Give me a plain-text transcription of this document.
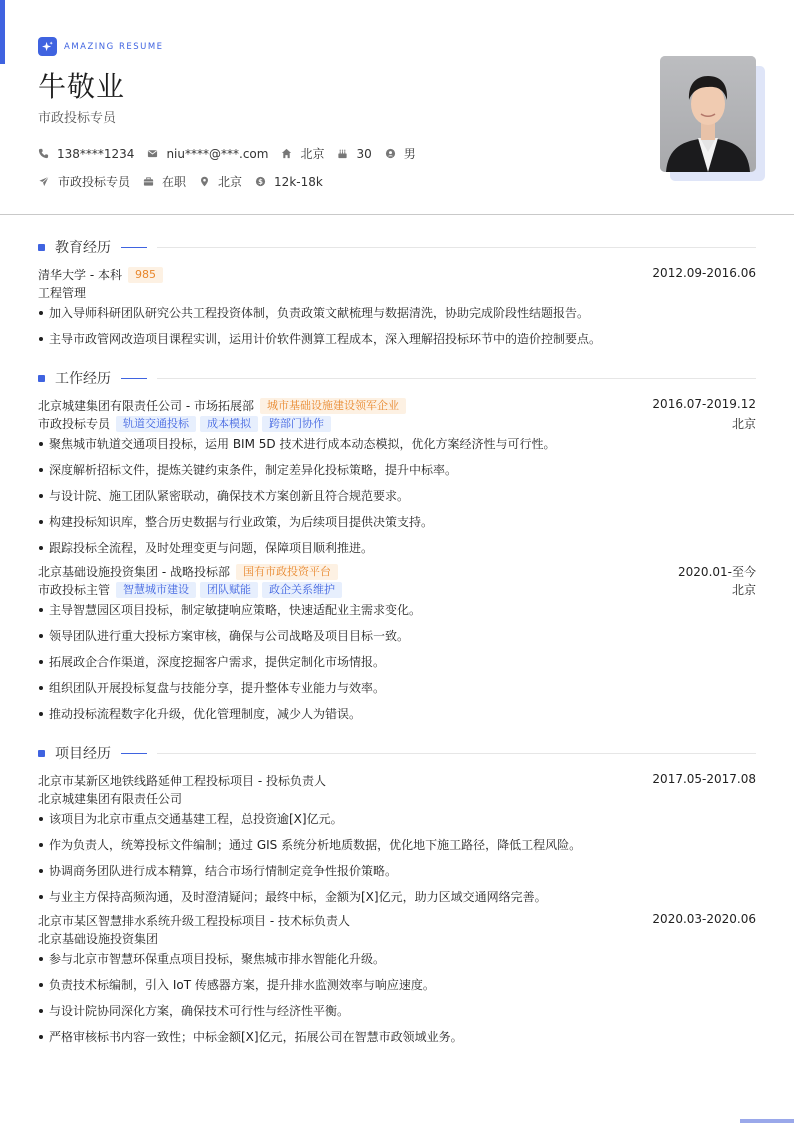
AMAZING RESUME
牛敬业
市政投标专员
138****1234	niu****@***.com	北京	30	男
市政投标专员	在职	北京 $ 12k-18k
教育经历
清华大学 - 本科	985	2012.09-2016.06
工程管理
加入导师科研团队研究公共工程投资体制，负责政策文献梳理与数据清洗，协助完成阶段性结题报告。
主导市政管网改造项目课程实训，运用计价软件测算工程成本，深入理解招投标环节中的造价控制要点。
工作经历
北京城建集团有限责任公司 - 市场拓展部	城市基础设施建设领军企业	2016.07-2019.12
市政投标专员	轨道交通投标	成本模拟	跨部门协作	北京
聚焦城市轨道交通项目投标，运用 BIM 5D 技术进行成本动态模拟，优化方案经济性与可行性。
深度解析招标文件，提炼关键约束条件，制定差异化投标策略，提升中标率。
与设计院、施工团队紧密联动，确保技术方案创新且符合规范要求。
构建投标知识库，整合历史数据与行业政策，为后续项目提供决策支持。
跟踪投标全流程，及时处理变更与问题，保障项目顺利推进。
北京基础设施投资集团 - 战略投标部	国有市政投资平台	2020.01-至今
市政投标主管	智慧城市建设	团队赋能	政企关系维护	北京
主导智慧园区项目投标，制定敏捷响应策略，快速适配业主需求变化。
领导团队进行重大投标方案审核，确保与公司战略及项目目标一致。
拓展政企合作渠道，深度挖掘客户需求，提供定制化市场情报。
组织团队开展投标复盘与技能分享，提升整体专业能力与效率。
推动投标流程数字化升级，优化管理制度，减少人为错误。
项目经历
北京市某新区地铁线路延伸工程投标项目 - 投标负责人	2017.05-2017.08
北京城建集团有限责任公司
该项目为北京市重点交通基建工程，总投资逾[X]亿元。
作为负责人，统筹投标文件编制；通过 GIS 系统分析地质数据，优化地下施工路径，降低工程风险。
协调商务团队进行成本精算，结合市场行情制定竞争性报价策略。
与业主方保持高频沟通，及时澄清疑问；最终中标，金额为[X]亿元，助力区域交通网络完善。
北京市某区智慧排水系统升级工程投标项目 - 技术标负责人	2020.03-2020.06
北京基础设施投资集团
参与北京市智慧环保重点项目投标，聚焦城市排水智能化升级。
负责技术标编制，引入 IoT 传感器方案，提升排水监测效率与响应速度。
与设计院协同深化方案，确保技术可行性与经济性平衡。
严格审核标书内容一致性；中标金额[X]亿元，拓展公司在智慧市政领域业务。
